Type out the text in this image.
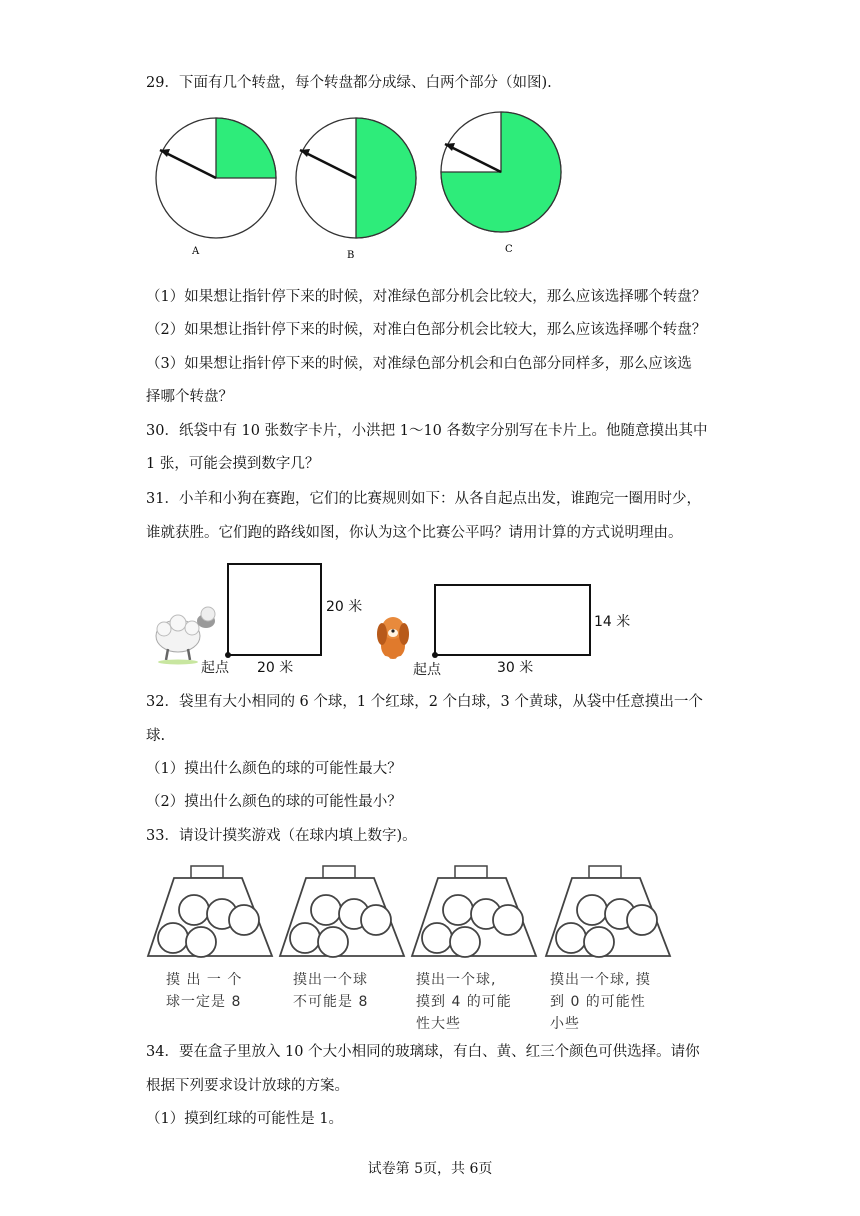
29．下面有几个转盘，每个转盘都分成绿、白两个部分（如图).
A	B
C
（1）如果想让指针停下来的时候，对准绿色部分机会比较大，那么应该选择哪个转盘？
（2）如果想让指针停下来的时候，对准白色部分机会比较大，那么应该选择哪个转盘？
（3）如果想让指针停下来的时候，对准绿色部分机会和白色部分同样多，那么应该选
择哪个转盘？
30．纸袋中有 10 张数字卡片，小洪把 1～10 各数字分别写在卡片上。他随意摸出其中
1 张，可能会摸到数字几？
31．小羊和小狗在赛跑，它们的比赛规则如下：从各自起点出发，谁跑完一圈用时少，
谁就获胜。它们跑的路线如图，你认为这个比赛公平吗？请用计算的方式说明理由。
20 米
起点 20 米
14 米
起点	30 米
32．袋里有大小相同的 6 个球，1 个红球，2 个白球，3 个黄球，从袋中任意摸出一个
球.
（1）摸出什么颜色的球的可能性最大？
（2）摸出什么颜色的球的可能性最小？
33．请设计摸奖游戏（在球内填上数字)。
摸 出 一 个
球一定是 8
摸出一个球
不可能是 8
摸出一个球,
摸到 4 的可能
性大些
摸出一个球, 摸
到 0 的可能性
小些
34．要在盒子里放入 10 个大小相同的玻璃球，有白、黄、红三个颜色可供选择。请你
根据下列要求设计放球的方案。
（1）摸到红球的可能性是 1。
试卷第 5页，共 6页
